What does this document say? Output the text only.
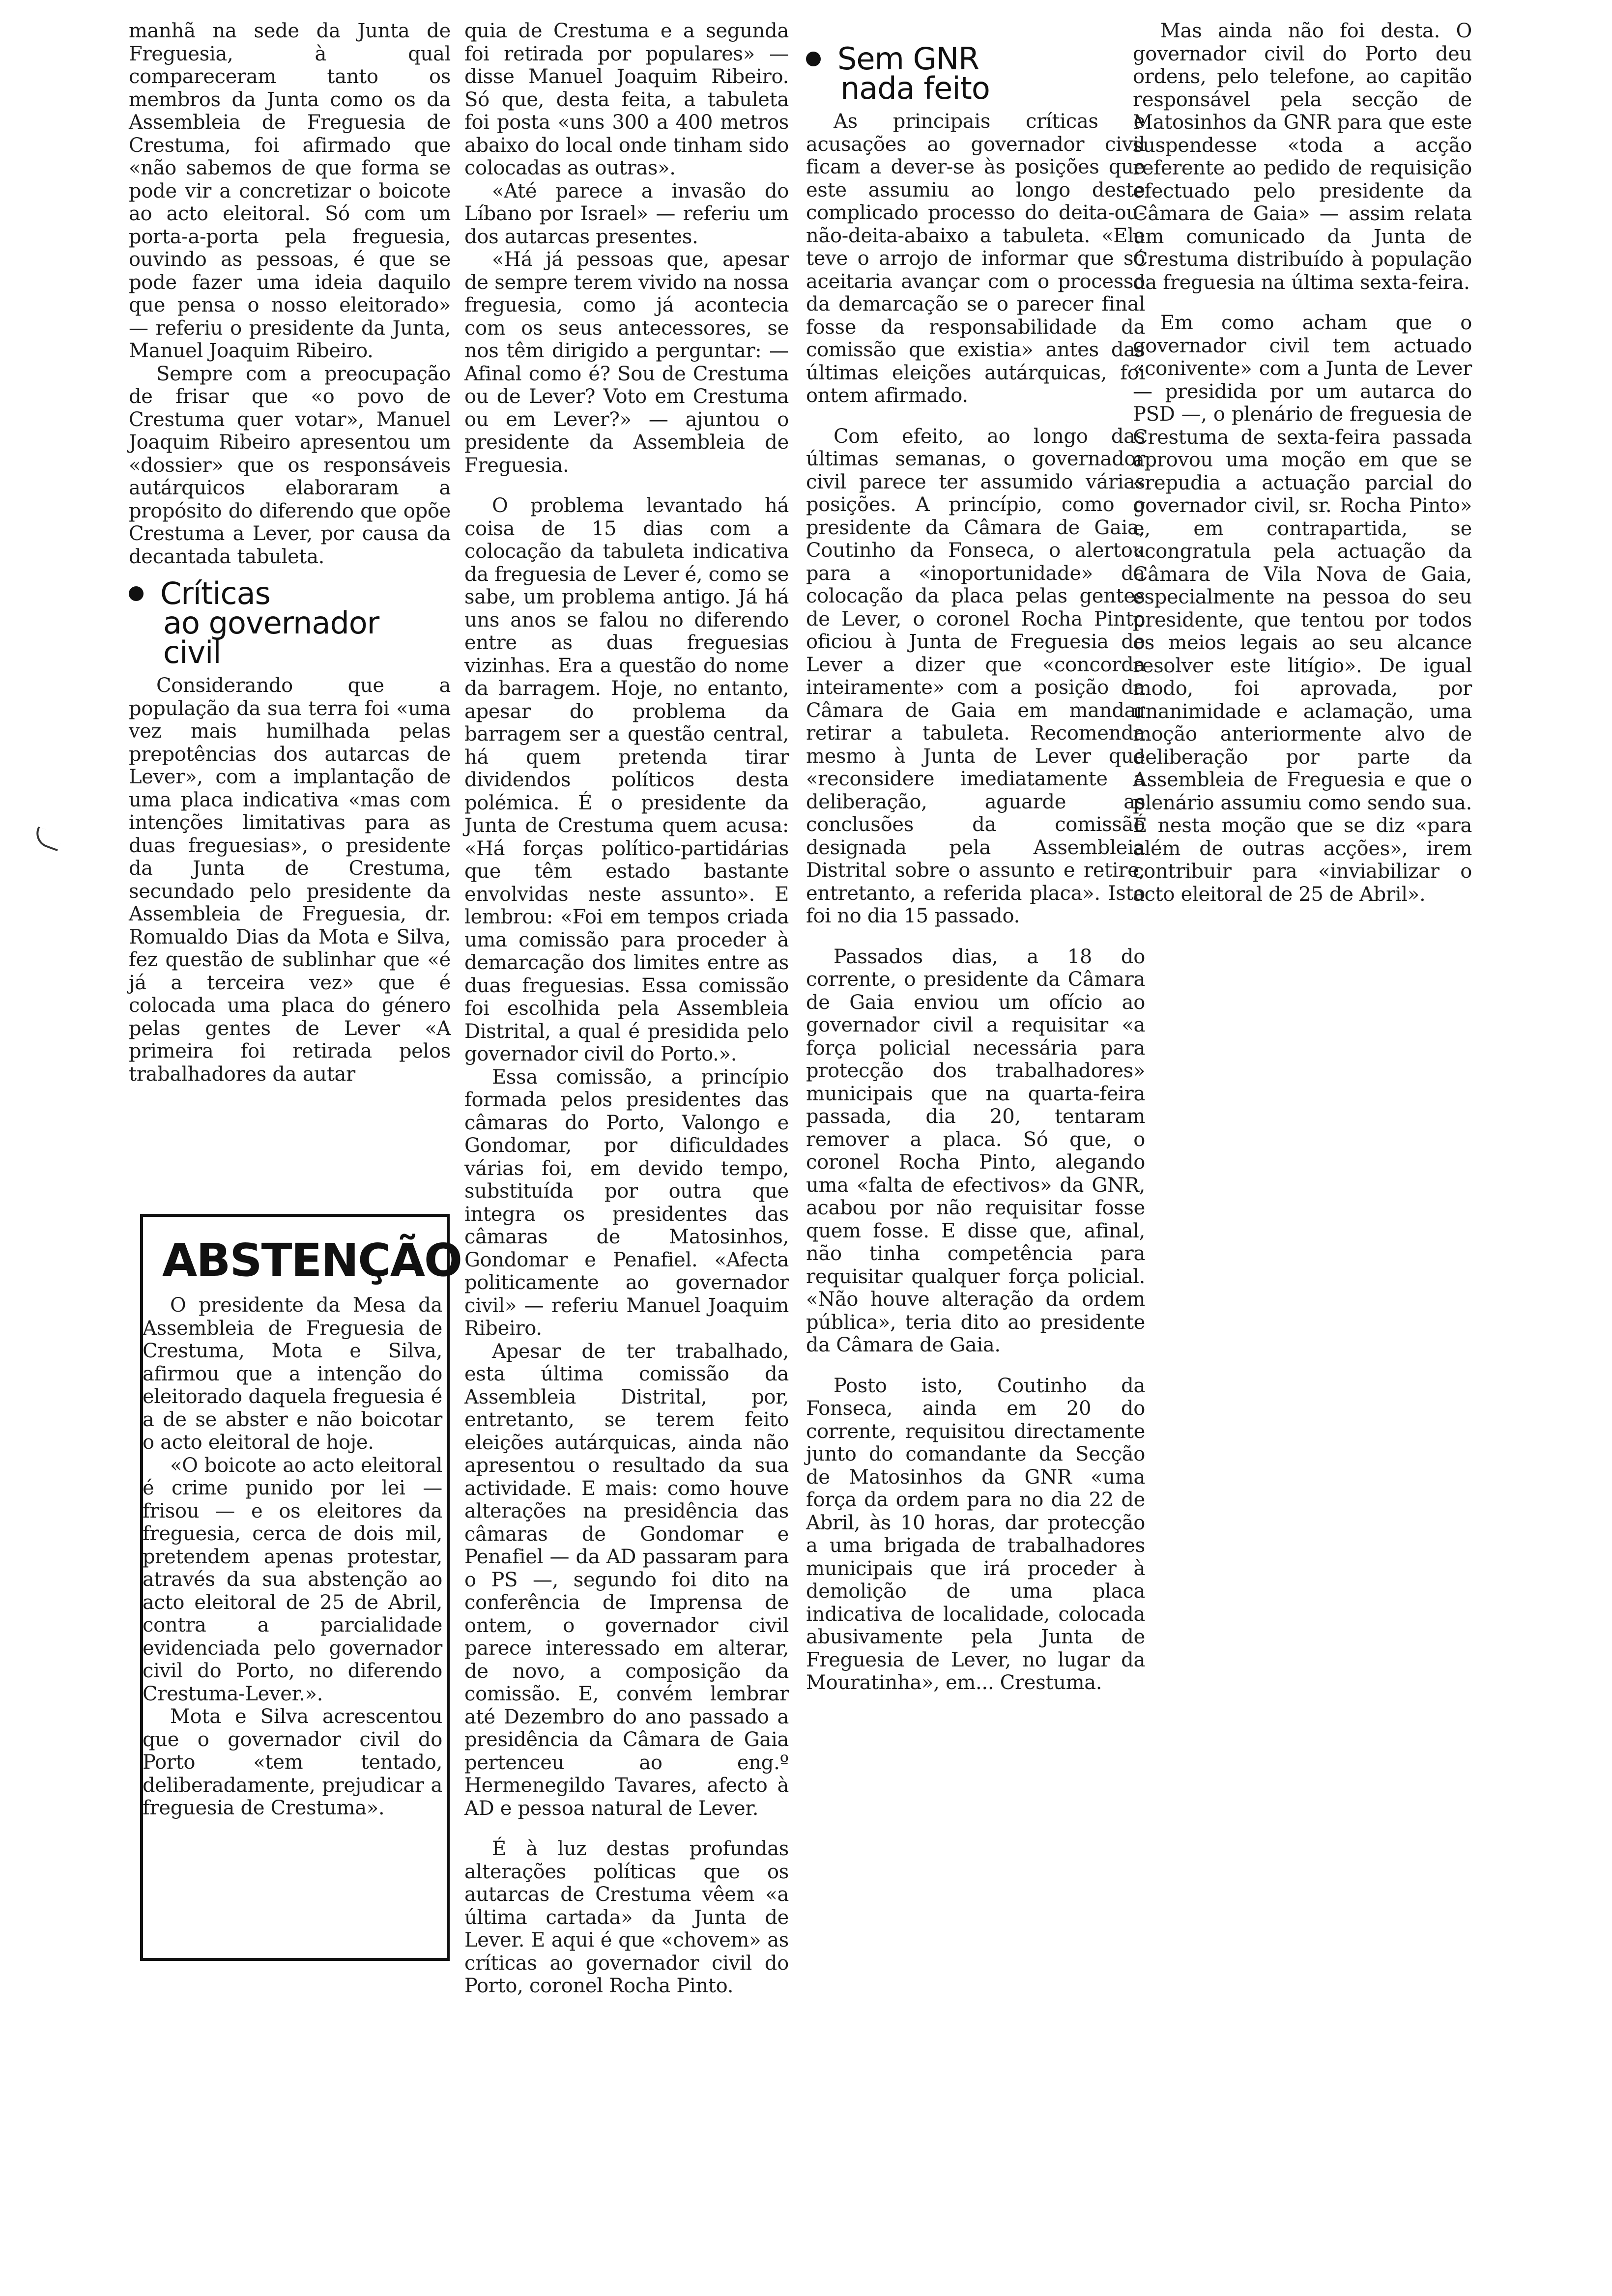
manhã na sede da Junta de Freguesia, à qual compareceram tanto os membros da Junta como os da Assembleia de Freguesia de Crestuma, foi afirmado que «não sabemos de que forma se pode vir a concretizar o boicote ao acto eleitoral. Só com um porta-a-porta pela freguesia, ouvindo as pessoas, é que se pode fazer uma ideia daquilo que pensa o nosso eleitorado» — referiu o presidente da Junta, Manuel Joaquim Ribeiro.

Sempre com a preocupação de frisar que «o povo de Crestuma quer votar», Manuel Joaquim Ribeiro apresentou um «dossier» que os responsáveis autárquicos elaboraram a propósito do diferendo que opõe Crestuma a Lever, por causa da decantada tabuleta.

Críticas
ao governador
civil

Considerando que a população da sua terra foi «uma vez mais humilhada pelas prepotências dos autarcas de Lever», com a implantação de uma placa indicativa «mas com intenções limitativas para as duas freguesias», o presidente da Junta de Crestuma, secundado pelo presidente da Assembleia de Freguesia, dr. Romualdo Dias da Mota e Silva, fez questão de sublinhar que «é já a terceira vez» que é colocada uma placa do género pelas gentes de Lever «A primeira foi retirada pelos trabalhadores da autar

ABSTENÇÃO

O presidente da Mesa da Assembleia de Freguesia de Crestuma, Mota e Silva, afirmou que a intenção do eleitorado daquela freguesia é a de se abster e não boicotar o acto eleitoral de hoje.

«O boicote ao acto eleitoral é crime punido por lei — frisou — e os eleitores da freguesia, cerca de dois mil, pretendem apenas protestar, através da sua abstenção ao acto eleitoral de 25 de Abril, contra a parcialidade evidenciada pelo governador civil do Porto, no diferendo Crestuma-Lever.».

Mota e Silva acrescentou que o governador civil do Porto «tem tentado, deliberadamente, prejudicar a freguesia de Crestuma».

quia de Crestuma e a segunda foi retirada por populares» — disse Manuel Joaquim Ribeiro. Só que, desta feita, a tabuleta foi posta «uns 300 a 400 metros abaixo do local onde tinham sido colocadas as outras».

«Até parece a invasão do Líbano por Israel» — referiu um dos autarcas presentes.

«Há já pessoas que, apesar de sempre terem vivido na nossa freguesia, como já acontecia com os seus antecessores, se nos têm dirigido a perguntar: — Afinal como é? Sou de Crestuma ou de Lever? Voto em Crestuma ou em Lever?» — ajuntou o presidente da Assembleia de Freguesia.

O problema levantado há coisa de 15 dias com a colocação da tabuleta indicativa da freguesia de Lever é, como se sabe, um problema antigo. Já há uns anos se falou no diferendo entre as duas freguesias vizinhas. Era a questão do nome da barragem. Hoje, no entanto, apesar do problema da barragem ser a questão central, há quem pretenda tirar dividendos políticos desta polémica. É o presidente da Junta de Crestuma quem acusa: «Há forças político-partidárias que têm estado bastante envolvidas neste assunto». E lembrou: «Foi em tempos criada uma comissão para proceder à demarcação dos limites entre as duas freguesias. Essa comissão foi escolhida pela Assembleia Distrital, a qual é presidida pelo governador civil do Porto.».

Essa comissão, a princípio formada pelos presidentes das câmaras do Porto, Valongo e Gondomar, por dificuldades várias foi, em devido tempo, substituída por outra que integra os presidentes das câmaras de Matosinhos, Gondomar e Penafiel. «Afecta politicamente ao governador civil» — referiu Manuel Joaquim Ribeiro.

Apesar de ter trabalhado, esta última comissão da Assembleia Distrital, por, entretanto, se terem feito eleições autárquicas, ainda não apresentou o resultado da sua actividade. E mais: como houve alterações na presidência das câmaras de Gondomar e Penafiel — da AD passaram para o PS —, segundo foi dito na conferência de Imprensa de ontem, o governador civil parece interessado em alterar, de novo, a composição da comissão. E, convém lembrar até Dezembro do ano passado a presidência da Câmara de Gaia pertenceu ao eng.º Hermenegildo Tavares, afecto à AD e pessoa natural de Lever.

É à luz destas profundas alterações políticas que os autarcas de Crestuma vêem «a última cartada» da Junta de Lever. E aqui é que «chovem» as críticas ao governador civil do Porto, coronel Rocha Pinto.

Sem GNR
nada feito

As principais críticas e acusações ao governador civil ficam a dever-se às posições que este assumiu ao longo deste complicado processo do deita-ou-não-deita-abaixo a tabuleta. «Ele teve o arrojo de informar que só aceitaria avançar com o processo da demarcação se o parecer final fosse da responsabilidade da comissão que existia» antes das últimas eleições autárquicas, foi ontem afirmado.

Com efeito, ao longo das últimas semanas, o governador civil parece ter assumido várias posições. A princípio, como o presidente da Câmara de Gaia, Coutinho da Fonseca, o alertou para a «inoportunidade» da colocação da placa pelas gentes de Lever, o coronel Rocha Pinto oficiou à Junta de Freguesia de Lever a dizer que «concorda inteiramente» com a posição da Câmara de Gaia em mandar retirar a tabuleta. Recomenda mesmo à Junta de Lever que «reconsidere imediatamente a deliberação, aguarde as conclusões da comissão designada pela Assembleia Distrital sobre o assunto e retire, entretanto, a referida placa». Isto foi no dia 15 passado.

Passados dias, a 18 do corrente, o presidente da Câmara de Gaia enviou um ofício ao governador civil a requisitar «a força policial necessária para protecção dos trabalhadores» municipais que na quarta-feira passada, dia 20, tentaram remover a placa. Só que, o coronel Rocha Pinto, alegando uma «falta de efectivos» da GNR, acabou por não requisitar fosse quem fosse. E disse que, afinal, não tinha competência para requisitar qualquer força policial. «Não houve alteração da ordem pública», teria dito ao presidente da Câmara de Gaia.

Posto isto, Coutinho da Fonseca, ainda em 20 do corrente, requisitou directamente junto do comandante da Secção de Matosinhos da GNR «uma força da ordem para no dia 22 de Abril, às 10 horas, dar protecção a uma brigada de trabalhadores municipais que irá proceder à demolição de uma placa indicativa de localidade, colocada abusivamente pela Junta de Freguesia de Lever, no lugar da Mouratinha», em... Crestuma.

Mas ainda não foi desta. O governador civil do Porto deu ordens, pelo telefone, ao capitão responsável pela secção de Matosinhos da GNR para que este suspendesse «toda a acção referente ao pedido de requisição efectuado pelo presidente da Câmara de Gaia» — assim relata um comunicado da Junta de Crestuma distribuído à população da freguesia na última sexta-feira.

Em como acham que o governador civil tem actuado «conivente» com a Junta de Lever — presidida por um autarca do PSD —, o plenário de freguesia de Crestuma de sexta-feira passada aprovou uma moção em que se «repudia a actuação parcial do governador civil, sr. Rocha Pinto» e, em contrapartida, se «congratula pela actuação da Câmara de Vila Nova de Gaia, especialmente na pessoa do seu presidente, que tentou por todos os meios legais ao seu alcance resolver este litígio». De igual modo, foi aprovada, por unanimidade e aclamação, uma moção anteriormente alvo de deliberação por parte da Assembleia de Freguesia e que o plenário assumiu como sendo sua. É nesta moção que se diz «para além de outras acções», irem contribuir para «inviabilizar o acto eleitoral de 25 de Abril».
